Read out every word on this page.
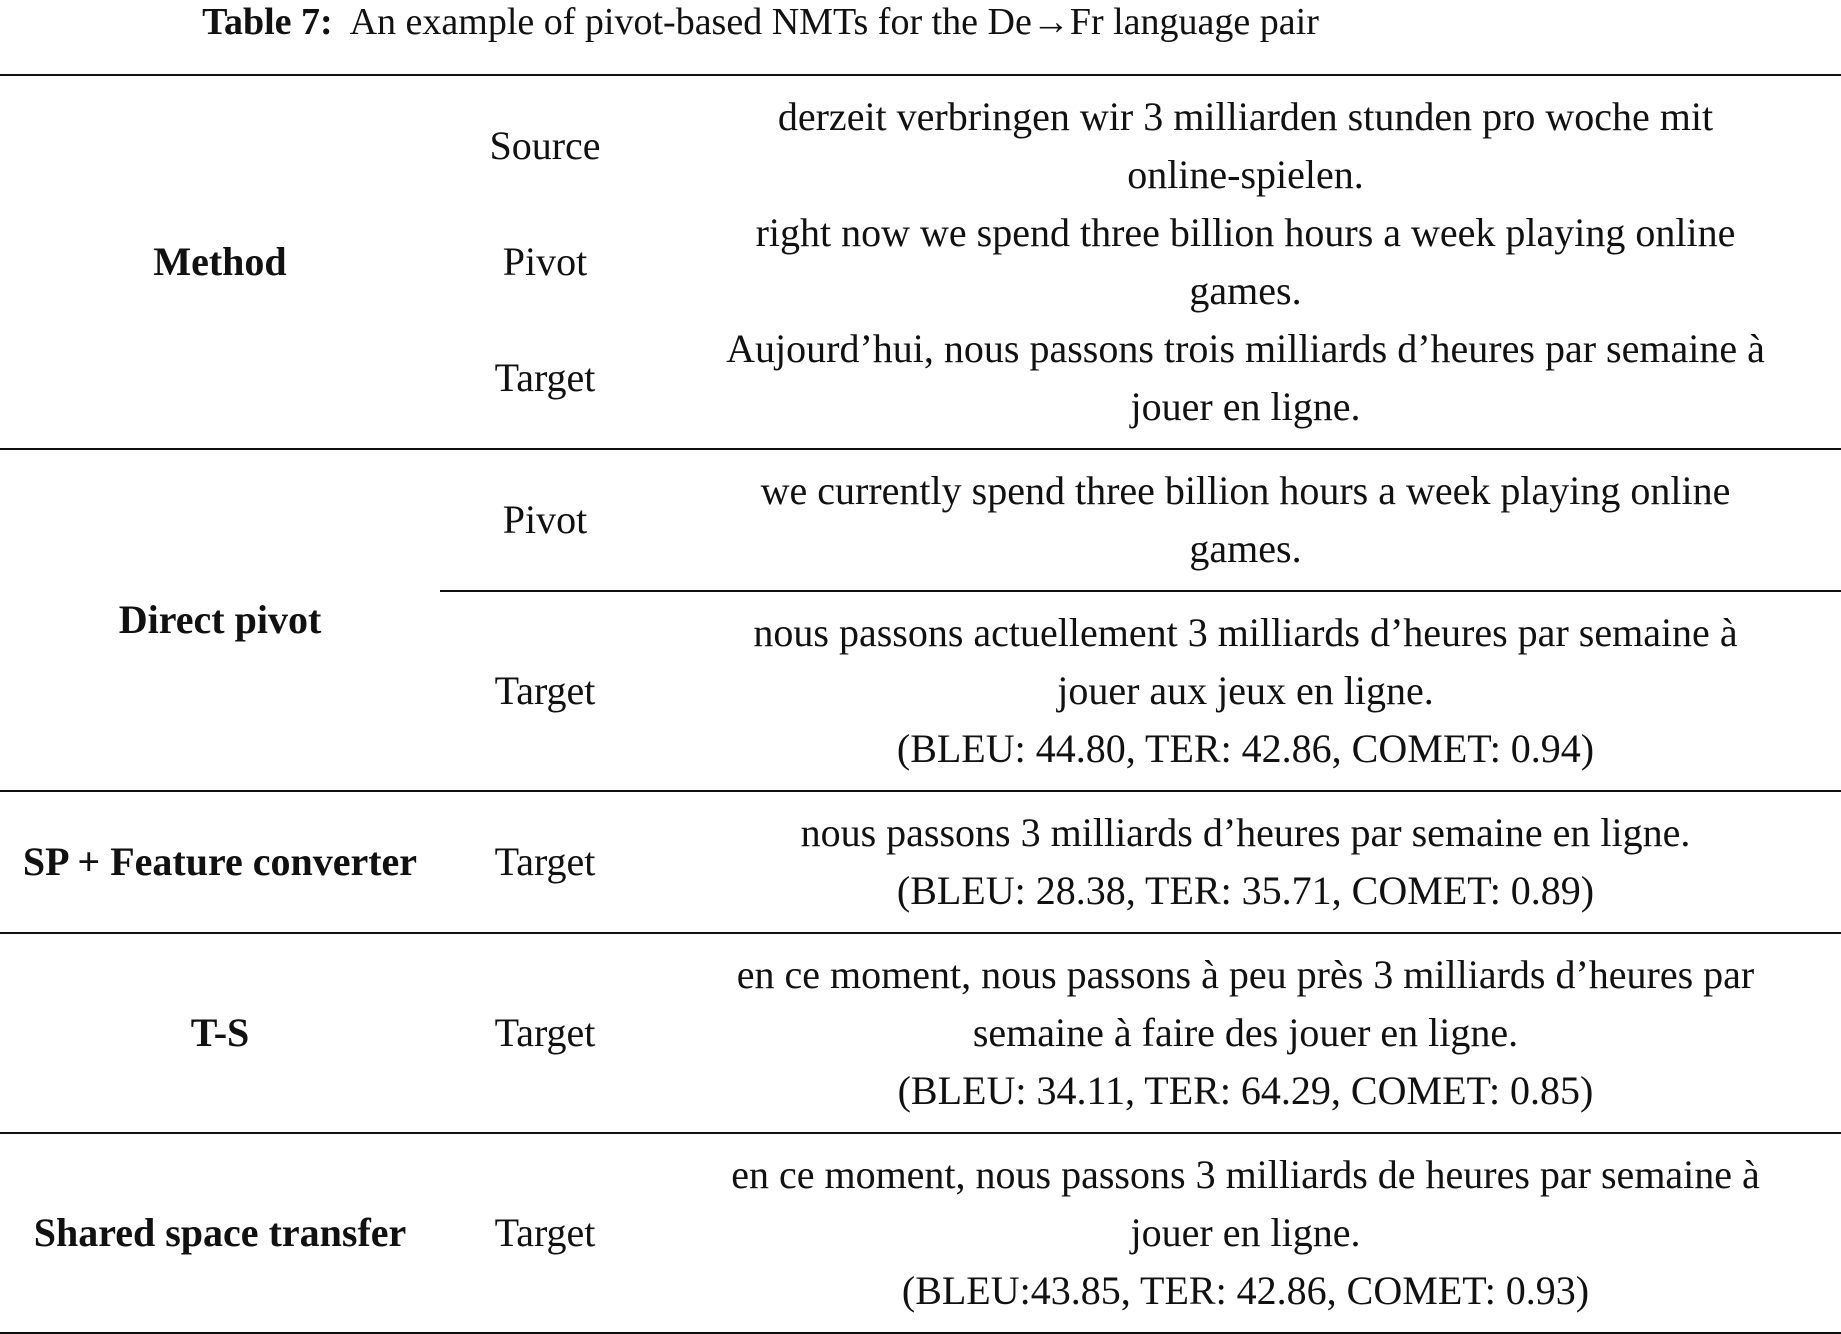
Table 7: An example of pivot-based NMTs for the De→Fr language pair
Method	Source	derzeit verbringen wir 3 milliarden stunden pro woche mit
online-spielen.

	Pivot	right now we spend three billion hours a week playing online
games.

	Target	Aujourd’hui, nous passons trois milliards d’heures par semaine à
jouer en ligne.

Direct pivot	Pivot	we currently spend three billion hours a week playing online
games.

	Target	nous passons actuellement 3 milliards d’heures par semaine à
jouer aux jeux en ligne.
(BLEU: 44.80, TER: 42.86, COMET: 0.94)

SP + Feature converter	Target	nous passons 3 milliards d’heures par semaine en ligne.
(BLEU: 28.38, TER: 35.71, COMET: 0.89)

T-S	Target	en ce moment, nous passons à peu près 3 milliards d’heures par
semaine à faire des jouer en ligne.
(BLEU: 34.11, TER: 64.29, COMET: 0.85)

Shared space transfer	Target	en ce moment, nous passons 3 milliards de heures par semaine à
jouer en ligne.
(BLEU:43.85, TER: 42.86, COMET: 0.93)
